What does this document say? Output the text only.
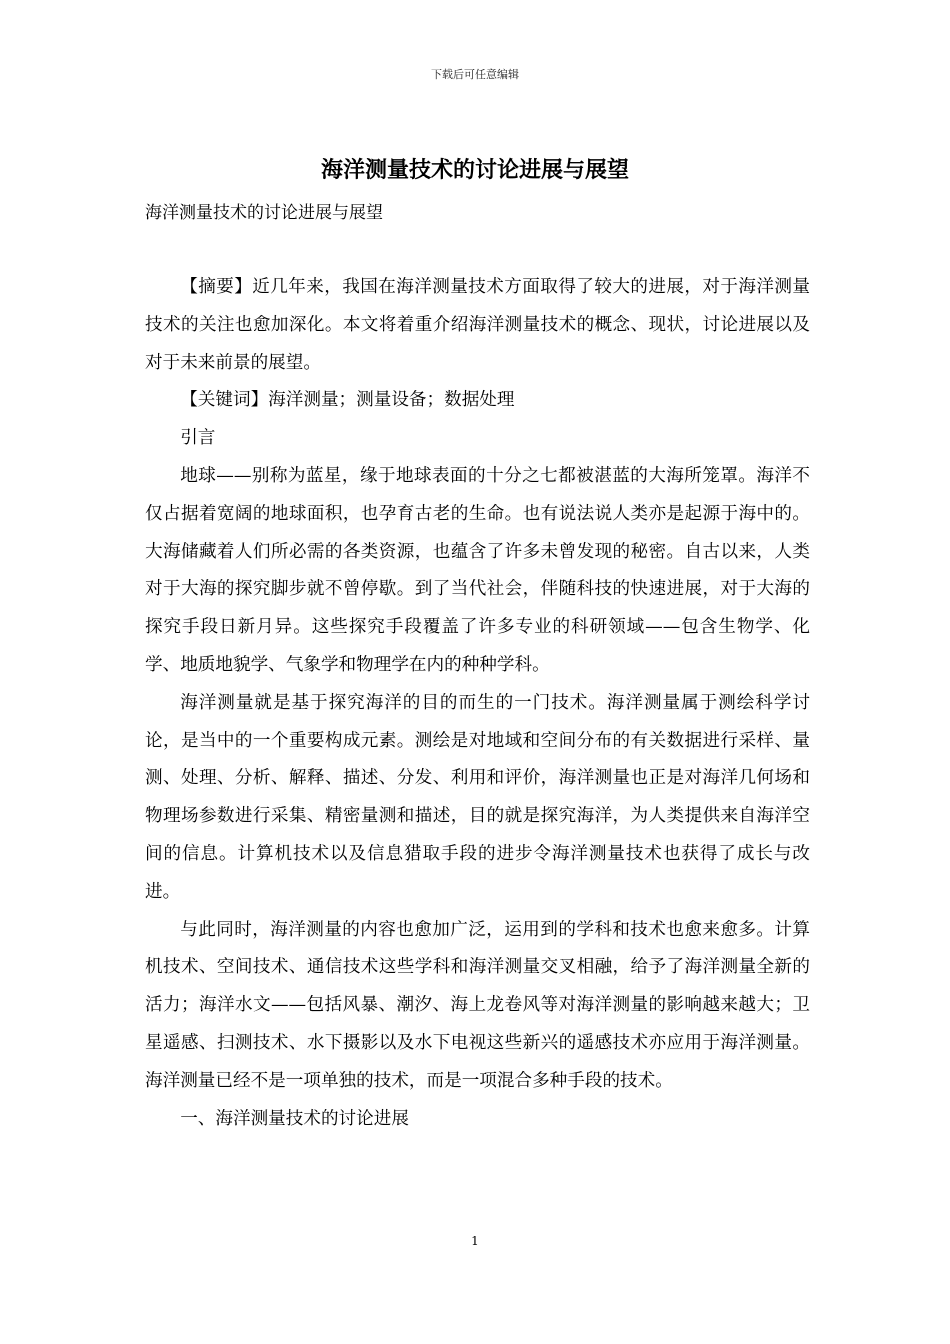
下载后可任意编辑
海洋测量技术的讨论进展与展望

海洋测量技术的讨论进展与展望

【摘要】近几年来，我国在海洋测量技术方面取得了较大的进展，对于海洋测量技术的关注也愈加深化。本文将着重介绍海洋测量技术的概念、现状，讨论进展以及对于未来前景的展望。

【关键词】海洋测量；测量设备；数据处理

引言

地球——别称为蓝星，缘于地球表面的十分之七都被湛蓝的大海所笼罩。海洋不仅占据着宽阔的地球面积，也孕育古老的生命。也有说法说人类亦是起源于海中的。大海储藏着人们所必需的各类资源，也蕴含了许多未曾发现的秘密。自古以来，人类对于大海的探究脚步就不曾停歇。到了当代社会，伴随科技的快速进展，对于大海的探究手段日新月异。这些探究手段覆盖了许多专业的科研领域——包含生物学、化学、地质地貌学、气象学和物理学在内的种种学科。

海洋测量就是基于探究海洋的目的而生的一门技术。海洋测量属于测绘科学讨论，是当中的一个重要构成元素。测绘是对地域和空间分布的有关数据进行采样、量测、处理、分析、解释、描述、分发、利用和评价，海洋测量也正是对海洋几何场和物理场参数进行采集、精密量测和描述，目的就是探究海洋，为人类提供来自海洋空间的信息。计算机技术以及信息猎取手段的进步令海洋测量技术也获得了成长与改进。

与此同时，海洋测量的内容也愈加广泛，运用到的学科和技术也愈来愈多。计算机技术、空间技术、通信技术这些学科和海洋测量交叉相融，给予了海洋测量全新的活力；海洋水文——包括风暴、潮汐、海上龙卷风等对海洋测量的影响越来越大；卫星遥感、扫测技术、水下摄影以及水下电视这些新兴的遥感技术亦应用于海洋测量。海洋测量已经不是一项单独的技术，而是一项混合多种手段的技术。

一、海洋测量技术的讨论进展

1
